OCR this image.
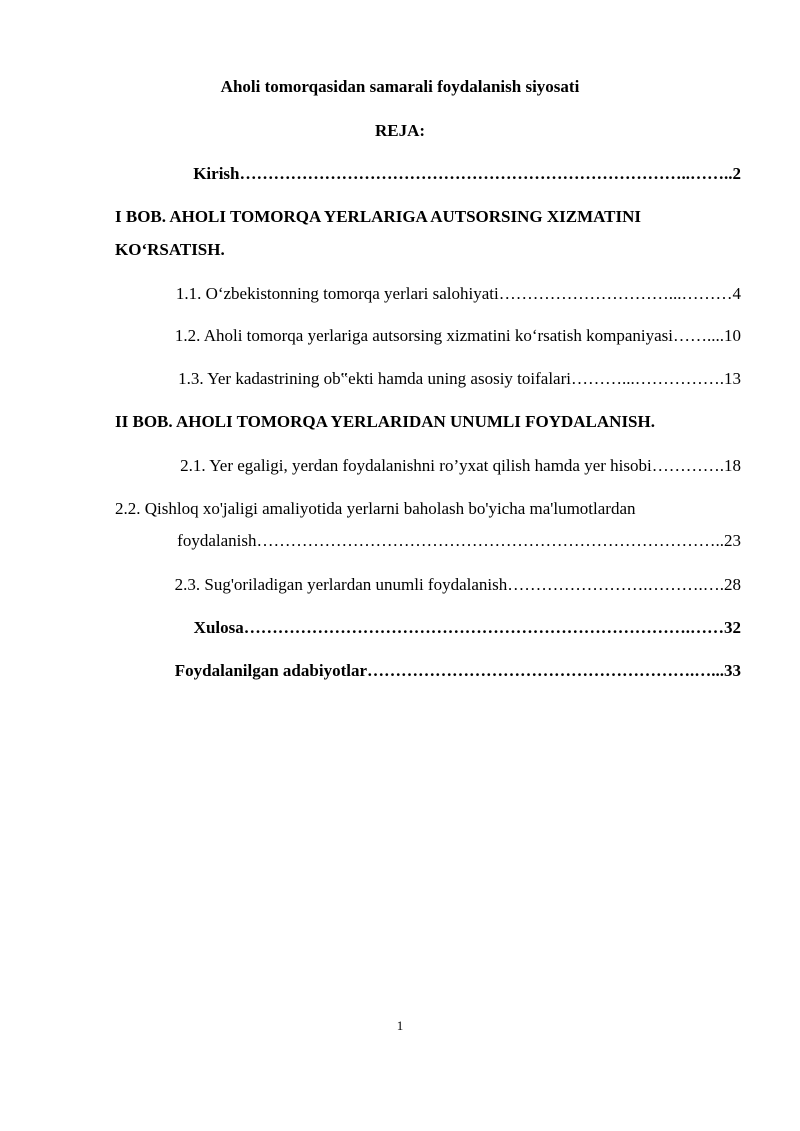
Aholi tomorqasidan samarali foydalanish siyosati
REJA:
Kirish……………………………………………………………………..……..2
I BOB. AHOLI TOMORQA YERLARIGA AUTSORSING XIZMATINI
KO‘RSATISH.
1.1. O‘zbekistonning tomorqa yerlari salohiyati…………………………...………4
1.2. Aholi tomorqa yerlariga autsorsing xizmatini ko‘rsatish kompaniyasi……....10
1.3. Yer kadastrining ob‟ekti hamda uning asosiy toifalari………...…………….13
II BOB. AHOLI TOMORQA YERLARIDAN UNUMLI FOYDALANISH.
2.1. Yer egaligi, yerdan foydalanishni ro’yxat qilish hamda yer hisobi………….18
2.2. Qishloq xo'jaligi amaliyotida yerlarni baholash bo'yicha ma'lumotlardan
foydalanish………………………………………………………………………..23
2.3. Sug'oriladigan yerlardan unumli foydalanish…………………….……….….28
Xulosa…………………………………………………………………….……32
Foydalanilgan adabiyotlar………………………………………………….…...33
1
